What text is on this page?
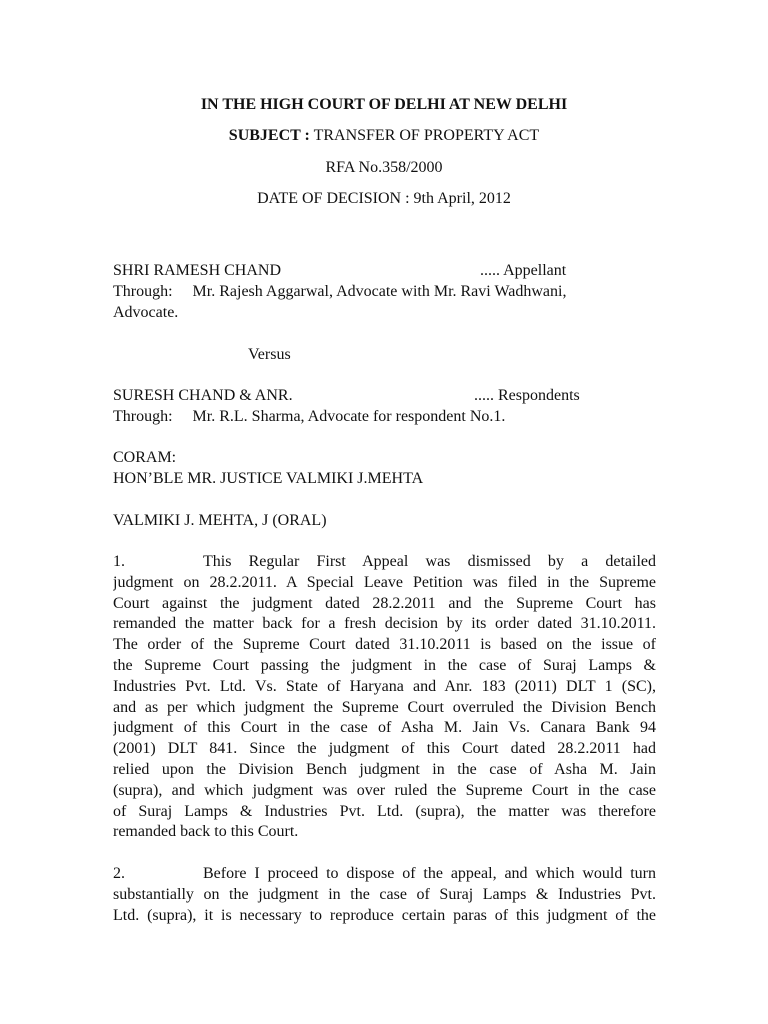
IN THE HIGH COURT OF DELHI AT NEW DELHI
SUBJECT : TRANSFER OF PROPERTY ACT
RFA No.358/2000
DATE OF DECISION : 9th April, 2012
SHRI RAMESH CHAND	..... Appellant
Through:     Mr. Rajesh Aggarwal, Advocate with Mr. Ravi Wadhwani,
Advocate.
Versus
SURESH CHAND & ANR.	..... Respondents
Through:     Mr. R.L. Sharma, Advocate for respondent No.1.
CORAM:
HON’BLE MR. JUSTICE VALMIKI J.MEHTA
VALMIKI J. MEHTA, J (ORAL)
1.	This Regular First Appeal was dismissed by a detailed
judgment on 28.2.2011. A Special Leave Petition was filed in the Supreme
Court against the judgment dated 28.2.2011 and the Supreme Court has
remanded the matter back for a fresh decision by its order dated 31.10.2011.
The order of the Supreme Court dated 31.10.2011 is based on the issue of
the Supreme Court passing the judgment in the case of Suraj Lamps &
Industries Pvt. Ltd. Vs. State of Haryana and Anr. 183 (2011) DLT 1 (SC),
and as per which judgment the Supreme Court overruled the Division Bench
judgment of this Court in the case of Asha M. Jain Vs. Canara Bank 94
(2001) DLT 841. Since the judgment of this Court dated 28.2.2011 had
relied upon the Division Bench judgment in the case of Asha M. Jain
(supra), and which judgment was over ruled the Supreme Court in the case
of Suraj Lamps & Industries Pvt. Ltd. (supra), the matter was therefore
remanded back to this Court.
2.	Before I proceed to dispose of the appeal, and which would turn
substantially on the judgment in the case of Suraj Lamps & Industries Pvt.
Ltd. (supra), it is necessary to reproduce certain paras of this judgment of the
